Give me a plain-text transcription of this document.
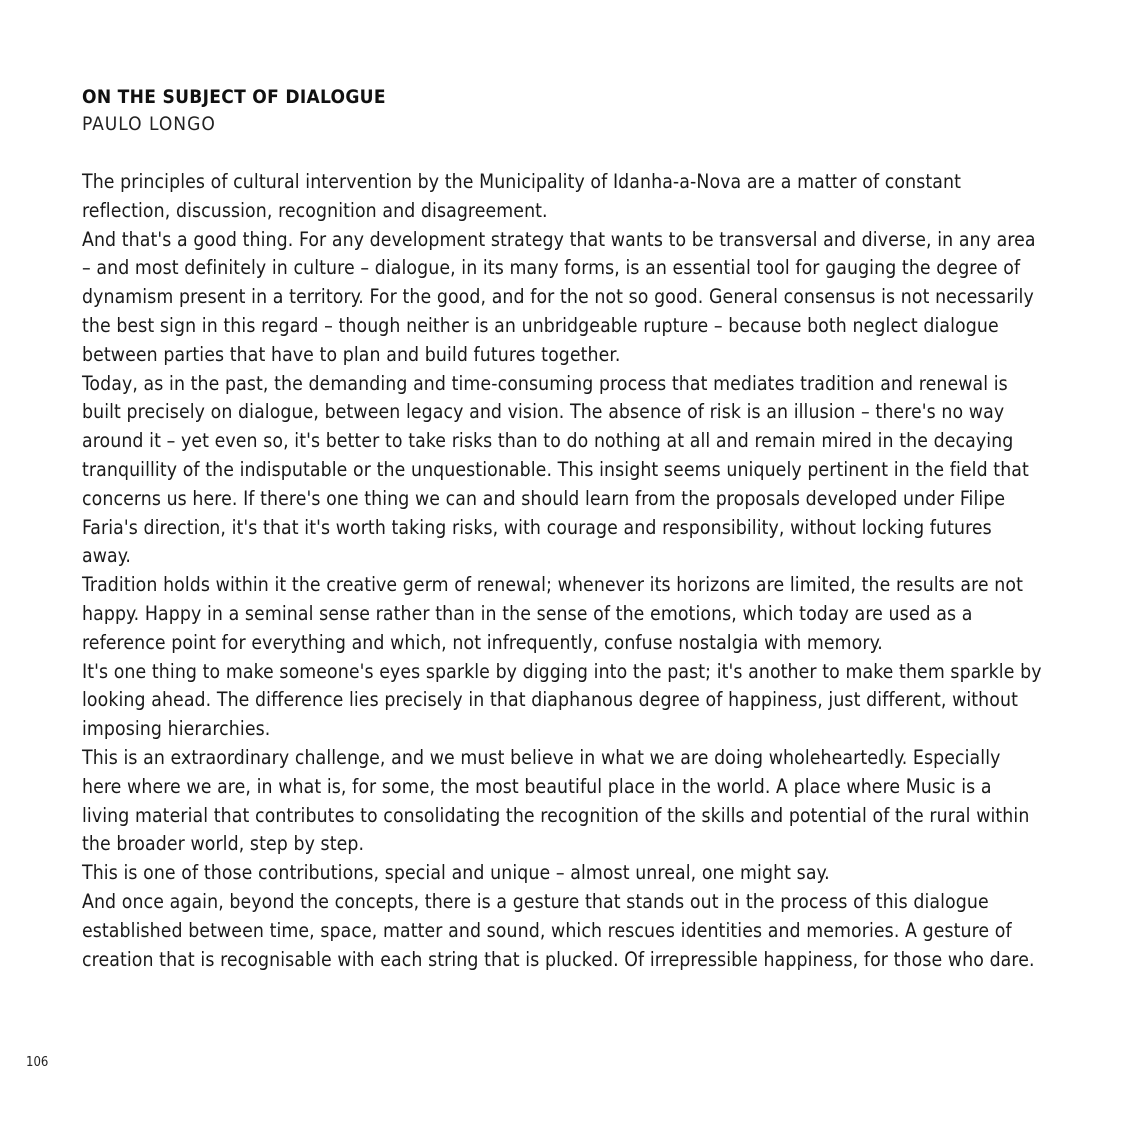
ON THE SUBJECT OF DIALOGUE
PAULO LONGO

The principles of cultural intervention by the Municipality of Idanha-a-Nova are a matter of constant reflection, discussion, recognition and disagreement.

And that's a good thing. For any development strategy that wants to be transversal and diverse, in any area – and most definitely in culture – dialogue, in its many forms, is an essential tool for gauging the degree of dynamism present in a territory. For the good, and for the not so good. General consensus is not necessarily the best sign in this regard – though neither is an unbridgeable rupture – because both neglect dialogue between parties that have to plan and build futures together.

Today, as in the past, the demanding and time-consuming process that mediates tradition and renewal is built precisely on dialogue, between legacy and vision. The absence of risk is an illusion – there's no way around it – yet even so, it's better to take risks than to do nothing at all and remain mired in the decaying tranquillity of the indisputable or the unquestionable. This insight seems uniquely pertinent in the field that concerns us here. If there's one thing we can and should learn from the proposals developed under Filipe Faria's direction, it's that it's worth taking risks, with courage and responsibility, without locking futures away.

Tradition holds within it the creative germ of renewal; whenever its horizons are limited, the results are not happy. Happy in a seminal sense rather than in the sense of the emotions, which today are used as a reference point for everything and which, not infrequently, confuse nostalgia with memory.

It's one thing to make someone's eyes sparkle by digging into the past; it's another to make them sparkle by looking ahead. The difference lies precisely in that diaphanous degree of happiness, just different, without imposing hierarchies.

This is an extraordinary challenge, and we must believe in what we are doing wholeheartedly. Especially here where we are, in what is, for some, the most beautiful place in the world. A place where Music is a living material that contributes to consolidating the recognition of the skills and potential of the rural within the broader world, step by step.

This is one of those contributions, special and unique – almost unreal, one might say.

And once again, beyond the concepts, there is a gesture that stands out in the process of this dialogue established between time, space, matter and sound, which rescues identities and memories. A gesture of creation that is recognisable with each string that is plucked. Of irrepressible happiness, for those who dare.

106
